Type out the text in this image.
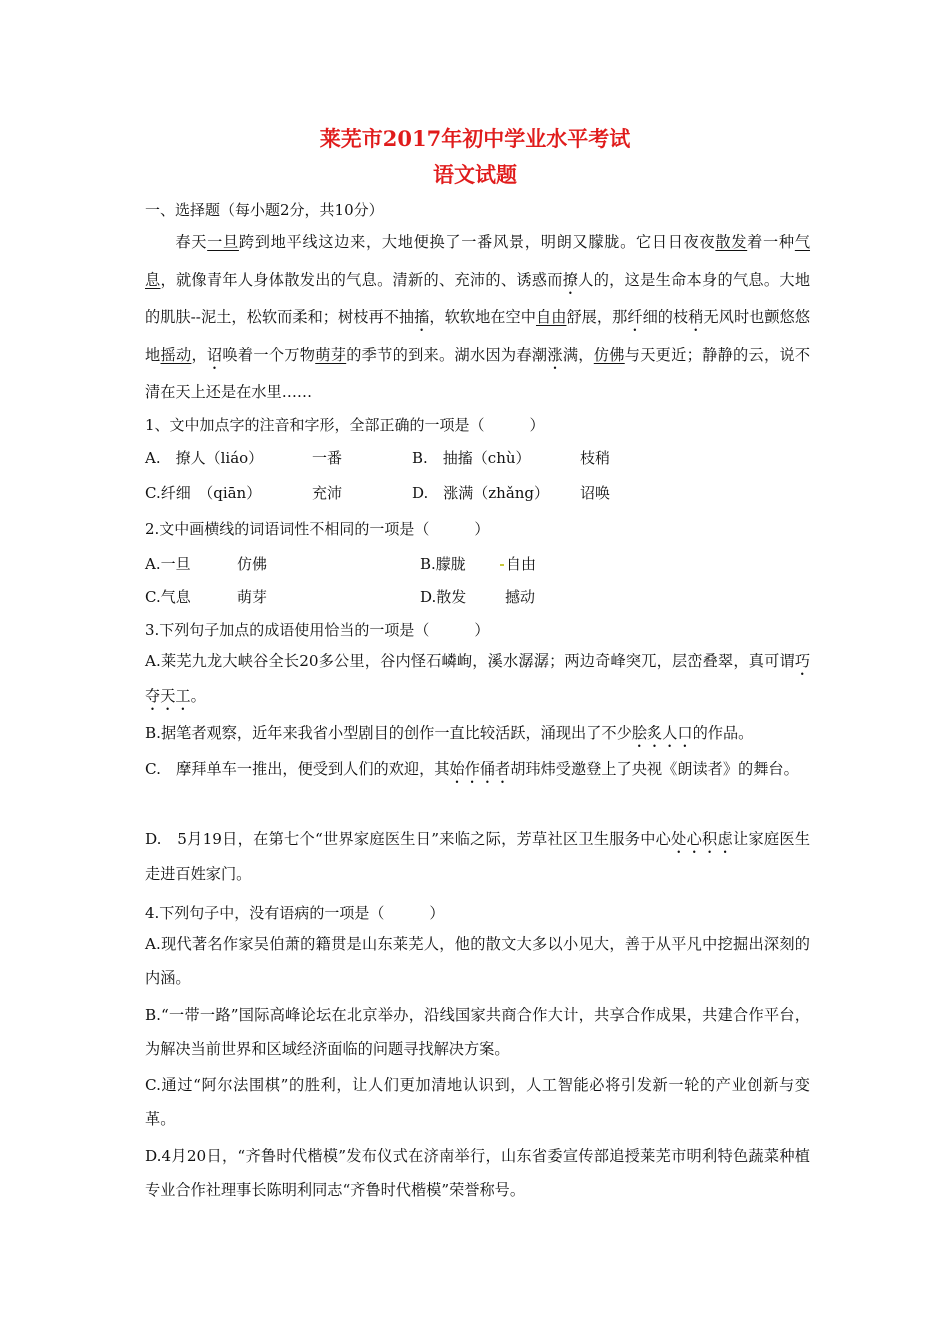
莱芜市2017年初中学业水平考试
语文试题
一、选择题（每小题2分，共10分）
春天一旦跨到地平线这边来，大地便换了一番风景，明朗又朦胧。它日日夜夜散发着一种气息，就像青年人身体散发出的气息。清新的、充沛的、诱惑而撩人的，这是生命本身的气息。大地的肌肤--泥土，松软而柔和；树枝再不抽搐，软软地在空中自由舒展，那纤细的枝稍无风时也颤悠悠地摇动，诏唤着一个万物萌芽的季节的到来。湖水因为春潮涨满，仿佛与天更近；静静的云，说不清在天上还是在水里……
1、文中加点字的注音和字形，全部正确的一项是（　　　）
A.　撩人（liáo）	一番	B.　抽搐（chù）	枝稍
C.纤细　（qiān）	充沛	D.　涨满（zhǎng） 诏唤
2.文中画横线的词语词性不相同的一项是（　　　）
A.一旦	仿佛	B.朦胧	自由
C.气息	萌芽	D.散发	撼动
3.下列句子加点的成语使用恰当的一项是（　　　）
A.莱芜九龙大峡谷全长20多公里，谷内怪石嶙峋，溪水潺潺；两边奇峰突兀，层峦叠翠，真可谓巧夺天工。
B.据笔者观察，近年来我省小型剧目的创作一直比较活跃，涌现出了不少脍炙人口的作品。
C.　摩拜单车一推出，便受到人们的欢迎，其始作俑者胡玮炜受邀登上了央视《朗读者》的舞台。
D.　5月19日，在第七个“世界家庭医生日”来临之际，芳草社区卫生服务中心处心积虑让家庭医生走进百姓家门。
4.下列句子中，没有语病的一项是（　　　）
A.现代著名作家吴伯萧的籍贯是山东莱芜人，他的散文大多以小见大，善于从平凡中挖掘出深刻的内涵。
B.“一带一路”国际高峰论坛在北京举办，沿线国家共商合作大计，共享合作成果，共建合作平台，为解决当前世界和区域经济面临的问题寻找解决方案。
C.通过“阿尔法围棋”的胜利，让人们更加清地认识到，人工智能必将引发新一轮的产业创新与变革。
D.4月20日，“齐鲁时代楷模”发布仪式在济南举行，山东省委宣传部追授莱芜市明利特色蔬菜种植专业合作社理事长陈明利同志“齐鲁时代楷模”荣誉称号。
